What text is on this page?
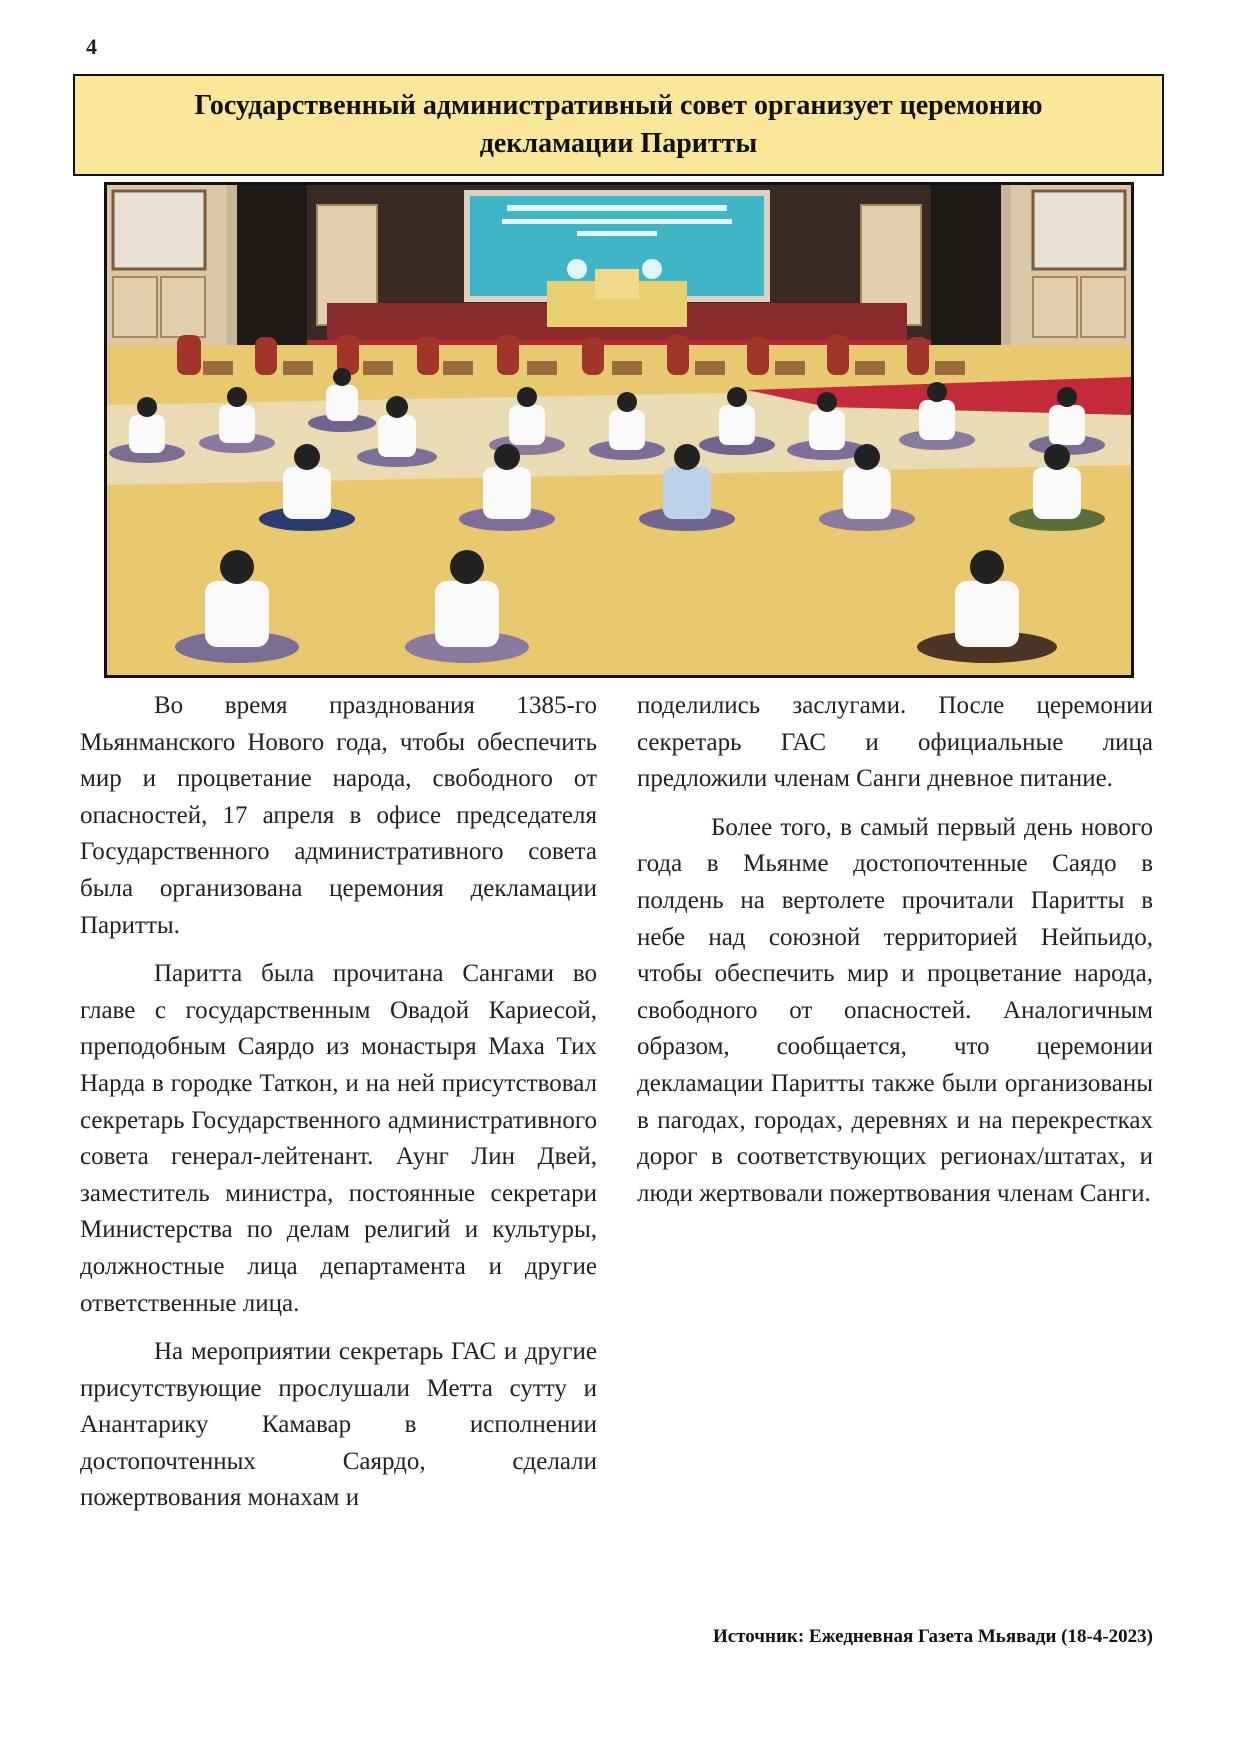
4
Государственный административный совет организует церемонию
декламации Паритты

Во время празднования 1385-го Мьянманского Нового года, чтобы обеспечить мир и процветание народа, свободного от опасностей, 17 апреля в офисе председателя Государственного административного совета была организована церемония декламации Паритты.

Паритта была прочитана Сангами во главе с государственным Овадой Кариесой, преподобным Саярдо из монастыря Маха Тих Нарда в городке Таткон, и на ней присутствовал секретарь Государственного административного совета генерал-лейтенант. Аунг Лин Двей, заместитель министра, постоянные секретари Министерства по делам религий и культуры, должностные лица департамента и другие ответственные лица.

На мероприятии секретарь ГАС и другие присутствующие прослушали Метта сутту и Анантарику Камавар в исполнении достопочтенных Саярдо, сделали пожертвования монахам и

поделились заслугами. После церемонии секретарь ГАС и официальные лица предложили членам Санги дневное питание.

Более того, в самый первый день нового года в Мьянме достопочтенные Саядо в полдень на вертолете прочитали Паритты в небе над союзной территорией Нейпьидо, чтобы обеспечить мир и процветание народа, свободного от опасностей. Аналогичным образом, сообщается, что церемонии декламации Паритты также были организованы в пагодах, городах, деревнях и на перекрестках дорог в соответствующих регионах/штатах, и люди жертвовали пожертвования членам Санги.

Источник: Ежедневная Газета Мьявади (18-4-2023)
